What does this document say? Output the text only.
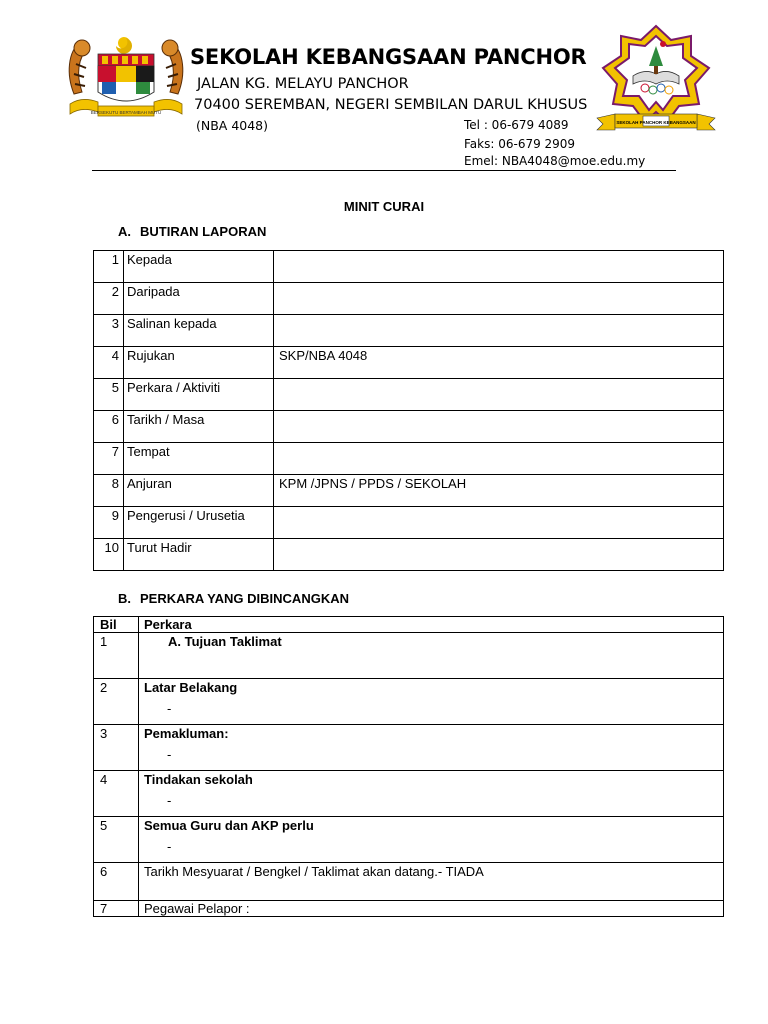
BERSEKUTU BERTAMBAH MUTU
SEKOLAH PANCHOR KEBANGSAAN
SEKOLAH KEBANGSAAN PANCHOR
JALAN KG. MELAYU PANCHOR
70400 SEREMBAN, NEGERI SEMBILAN DARUL KHUSUS
(NBA 4048)	Tel : 06-679 4089
Faks: 06-679 2909
Emel: NBA4048@moe.edu.my
MINIT CURAI
A. BUTIRAN LAPORAN
1	Kepada	
2	Daripada	
3	Salinan kepada	
4	Rujukan	SKP/NBA 4048
5	Perkara / Aktiviti	
6	Tarikh / Masa	
7	Tempat	
8	Anjuran	KPM /JPNS / PPDS / SEKOLAH
9	Pengerusi / Urusetia	
10	Turut Hadir	
B. PERKARA YANG DIBINCANGKAN
Bil	Perkara
1	A. Tujuan Taklimat
2	Latar Belakang
-

3	Pemakluman:
-

4	Tindakan sekolah
-

5	Semua Guru dan AKP perlu
-

6	Tarikh Mesyuarat / Bengkel / Taklimat akan datang.- TIADA
7	Pegawai Pelapor :
